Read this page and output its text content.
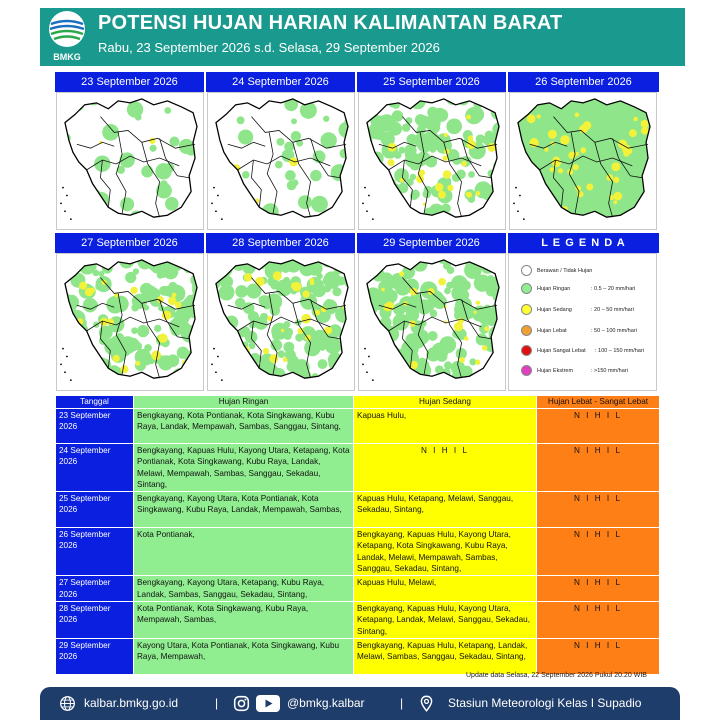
BMKG
POTENSI HUJAN HARIAN KALIMANTAN BARAT
Rabu, 23 September 2026 s.d. Selasa, 29 September 2026
23 September 2026	24 September 2026	25 September 2026	26 September 2026
27 September 2026	28 September 2026	29 September 2026	L E G E N D A
Berawan / Tidak Hujan
Hujan Ringan	: 0.5 – 20 mm/hari
Hujan Sedang	: 20 – 50 mm/hari
Hujan Lebat	: 50 – 100 mm/hari
Hujan Sangat Lebat : 100 – 150 mm/hari
Hujan Ekstrem	: >150 mm/hari
Tanggal	Hujan Ringan	Hujan Sedang	Hujan Lebat - Sangat Lebat
23 September 2026	Bengkayang, Kota Pontianak, Kota Singkawang, Kubu Raya, Landak, Mempawah, Sambas, Sanggau, Sintang,	Kapuas Hulu,	N I H I L
24 September 2026	Bengkayang, Kapuas Hulu, Kayong Utara, Ketapang, Kota Pontianak, Kota Singkawang, Kubu Raya, Landak, Melawi, Mempawah, Sambas, Sanggau, Sekadau, Sintang,	N I H I L	N I H I L
25 September 2026	Bengkayang, Kayong Utara, Kota Pontianak, Kota Singkawang, Kubu Raya, Landak, Mempawah, Sambas,	Kapuas Hulu, Ketapang, Melawi, Sanggau, Sekadau, Sintang,	N I H I L
26 September 2026	Kota Pontianak,	Bengkayang, Kapuas Hulu, Kayong Utara, Ketapang, Kota Singkawang, Kubu Raya, Landak, Melawi, Mempawah, Sambas, Sanggau, Sekadau, Sintang,	N I H I L
27 September 2026	Bengkayang, Kayong Utara, Ketapang, Kubu Raya, Landak, Sambas, Sanggau, Sekadau, Sintang,	Kapuas Hulu, Melawi,	N I H I L
28 September 2026	Kota Pontianak, Kota Singkawang, Kubu Raya, Mempawah, Sambas,	Bengkayang, Kapuas Hulu, Kayong Utara, Ketapang, Landak, Melawi, Sanggau, Sekadau, Sintang,	N I H I L
29 September 2026	Kayong Utara, Kota Pontianak, Kota Singkawang, Kubu Raya, Mempawah,	Bengkayang, Kapuas Hulu, Ketapang, Landak, Melawi, Sambas, Sanggau, Sekadau, Sintang,	N I H I L
Update data Selasa, 22 September 2026 Pukul 20.20 WIB
kalbar.bmkg.go.id	|	@bmkg.kalbar	|	Stasiun Meteorologi Kelas I Supadio
